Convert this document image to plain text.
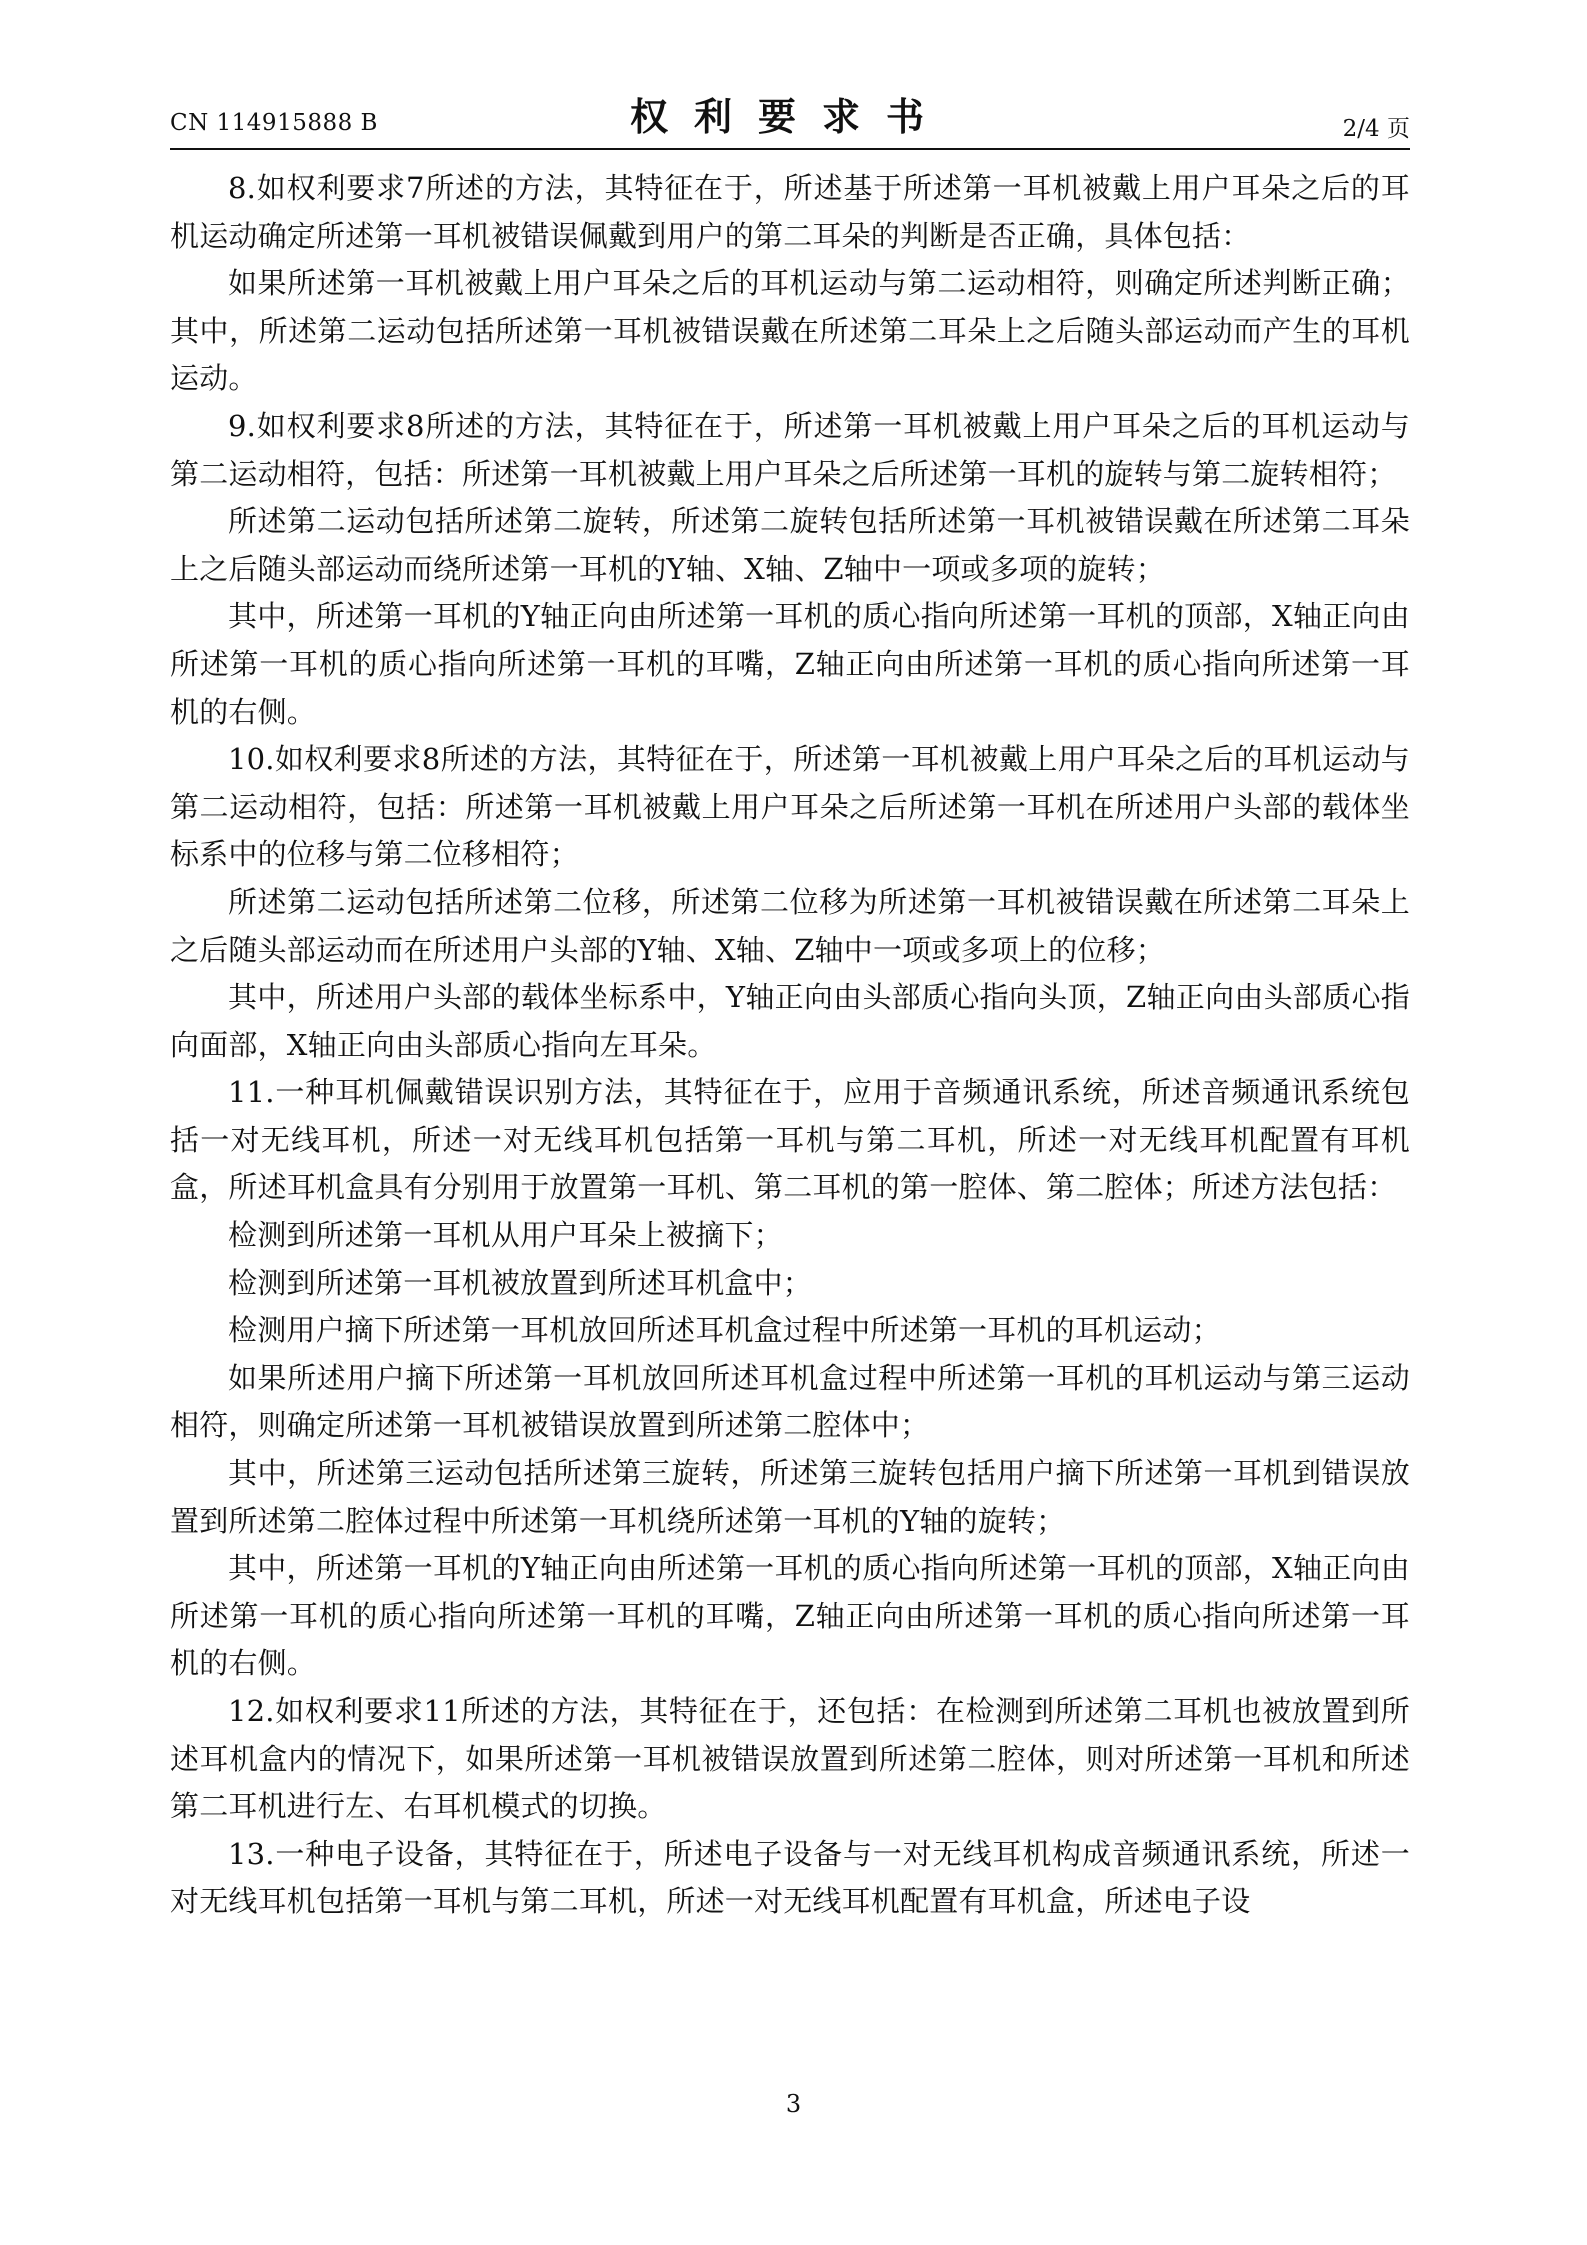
CN 114915888 B	权利要求书	2/4 页

8.如权利要求7所述的方法，其特征在于，所述基于所述第一耳机被戴上用户耳朵之后的耳机运动确定所述第一耳机被错误佩戴到用户的第二耳朵的判断是否正确，具体包括：

如果所述第一耳机被戴上用户耳朵之后的耳机运动与第二运动相符，则确定所述判断正确；其中，所述第二运动包括所述第一耳机被错误戴在所述第二耳朵上之后随头部运动而产生的耳机运动。

9.如权利要求8所述的方法，其特征在于，所述第一耳机被戴上用户耳朵之后的耳机运动与第二运动相符，包括：所述第一耳机被戴上用户耳朵之后所述第一耳机的旋转与第二旋转相符；

所述第二运动包括所述第二旋转，所述第二旋转包括所述第一耳机被错误戴在所述第二耳朵上之后随头部运动而绕所述第一耳机的Y轴、X轴、Z轴中一项或多项的旋转；

其中，所述第一耳机的Y轴正向由所述第一耳机的质心指向所述第一耳机的顶部，X轴正向由所述第一耳机的质心指向所述第一耳机的耳嘴，Z轴正向由所述第一耳机的质心指向所述第一耳机的右侧。

10.如权利要求8所述的方法，其特征在于，所述第一耳机被戴上用户耳朵之后的耳机运动与第二运动相符，包括：所述第一耳机被戴上用户耳朵之后所述第一耳机在所述用户头部的载体坐标系中的位移与第二位移相符；

所述第二运动包括所述第二位移，所述第二位移为所述第一耳机被错误戴在所述第二耳朵上之后随头部运动而在所述用户头部的Y轴、X轴、Z轴中一项或多项上的位移；

其中，所述用户头部的载体坐标系中，Y轴正向由头部质心指向头顶，Z轴正向由头部质心指向面部，X轴正向由头部质心指向左耳朵。

11.一种耳机佩戴错误识别方法，其特征在于，应用于音频通讯系统，所述音频通讯系统包括一对无线耳机，所述一对无线耳机包括第一耳机与第二耳机，所述一对无线耳机配置有耳机盒，所述耳机盒具有分别用于放置第一耳机、第二耳机的第一腔体、第二腔体；所述方法包括：

检测到所述第一耳机从用户耳朵上被摘下；

检测到所述第一耳机被放置到所述耳机盒中；

检测用户摘下所述第一耳机放回所述耳机盒过程中所述第一耳机的耳机运动；

如果所述用户摘下所述第一耳机放回所述耳机盒过程中所述第一耳机的耳机运动与第三运动相符，则确定所述第一耳机被错误放置到所述第二腔体中；

其中，所述第三运动包括所述第三旋转，所述第三旋转包括用户摘下所述第一耳机到错误放置到所述第二腔体过程中所述第一耳机绕所述第一耳机的Y轴的旋转；

其中，所述第一耳机的Y轴正向由所述第一耳机的质心指向所述第一耳机的顶部，X轴正向由所述第一耳机的质心指向所述第一耳机的耳嘴，Z轴正向由所述第一耳机的质心指向所述第一耳机的右侧。

12.如权利要求11所述的方法，其特征在于，还包括：在检测到所述第二耳机也被放置到所述耳机盒内的情况下，如果所述第一耳机被错误放置到所述第二腔体，则对所述第一耳机和所述第二耳机进行左、右耳机模式的切换。

13.一种电子设备，其特征在于，所述电子设备与一对无线耳机构成音频通讯系统，所述一对无线耳机包括第一耳机与第二耳机，所述一对无线耳机配置有耳机盒，所述电子设

3
